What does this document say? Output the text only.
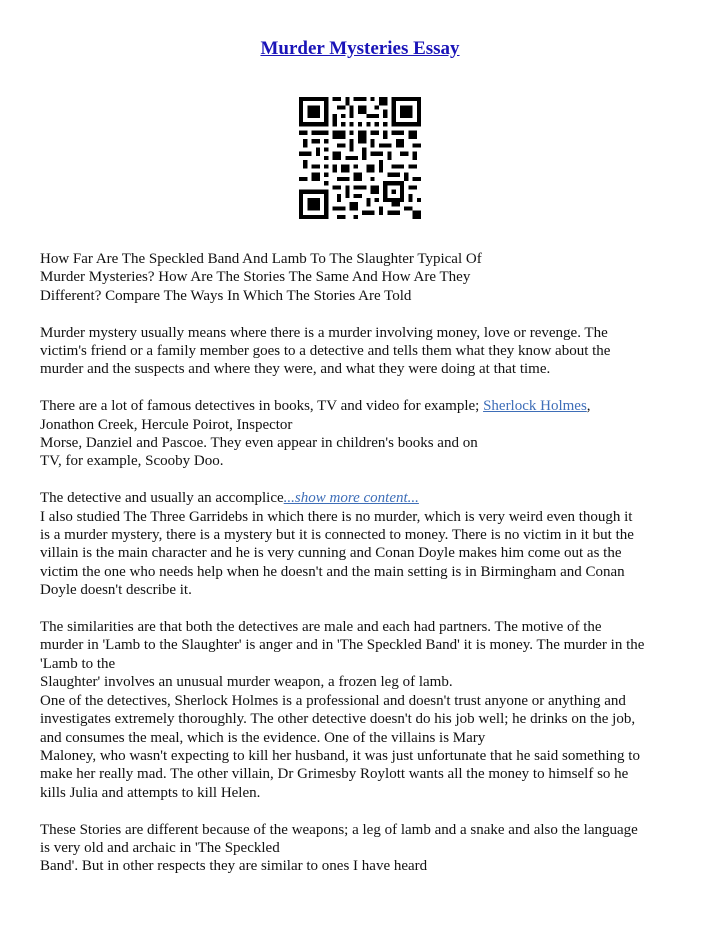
Murder Mysteries Essay

How Far Are The Speckled Band And Lamb To The Slaughter Typical Of
Murder Mysteries? How Are The Stories The Same And How Are They
Different? Compare The Ways In Which The Stories Are Told

Murder mystery usually means where there is a murder involving money, love or revenge. The
victim's friend or a family member goes to a detective and tells them what they know about the
murder and the suspects and where they were, and what they were doing at that time.

There are a lot of famous detectives in books, TV and video for example; Sherlock Holmes,
Jonathon Creek, Hercule Poirot, Inspector
Morse, Danziel and Pascoe. They even appear in children's books and on
TV, for example, Scooby Doo.

The detective and usually an accomplice...show more content...
I also studied The Three Garridebs in which there is no murder, which is very weird even though it
is a murder mystery, there is a mystery but it is connected to money. There is no victim in it but the
villain is the main character and he is very cunning and Conan Doyle makes him come out as the
victim the one who needs help when he doesn't and the main setting is in Birmingham and Conan
Doyle doesn't describe it.

The similarities are that both the detectives are male and each had partners. The motive of the
murder in 'Lamb to the Slaughter' is anger and in 'The Speckled Band' it is money. The murder in the
'Lamb to the
Slaughter' involves an unusual murder weapon, a frozen leg of lamb.
One of the detectives, Sherlock Holmes is a professional and doesn't trust anyone or anything and
investigates extremely thoroughly. The other detective doesn't do his job well; he drinks on the job,
and consumes the meal, which is the evidence. One of the villains is Mary
Maloney, who wasn't expecting to kill her husband, it was just unfortunate that he said something to
make her really mad. The other villain, Dr Grimesby Roylott wants all the money to himself so he
kills Julia and attempts to kill Helen.

These Stories are different because of the weapons; a leg of lamb and a snake and also the language
is very old and archaic in 'The Speckled
Band'. But in other respects they are similar to ones I have heard
